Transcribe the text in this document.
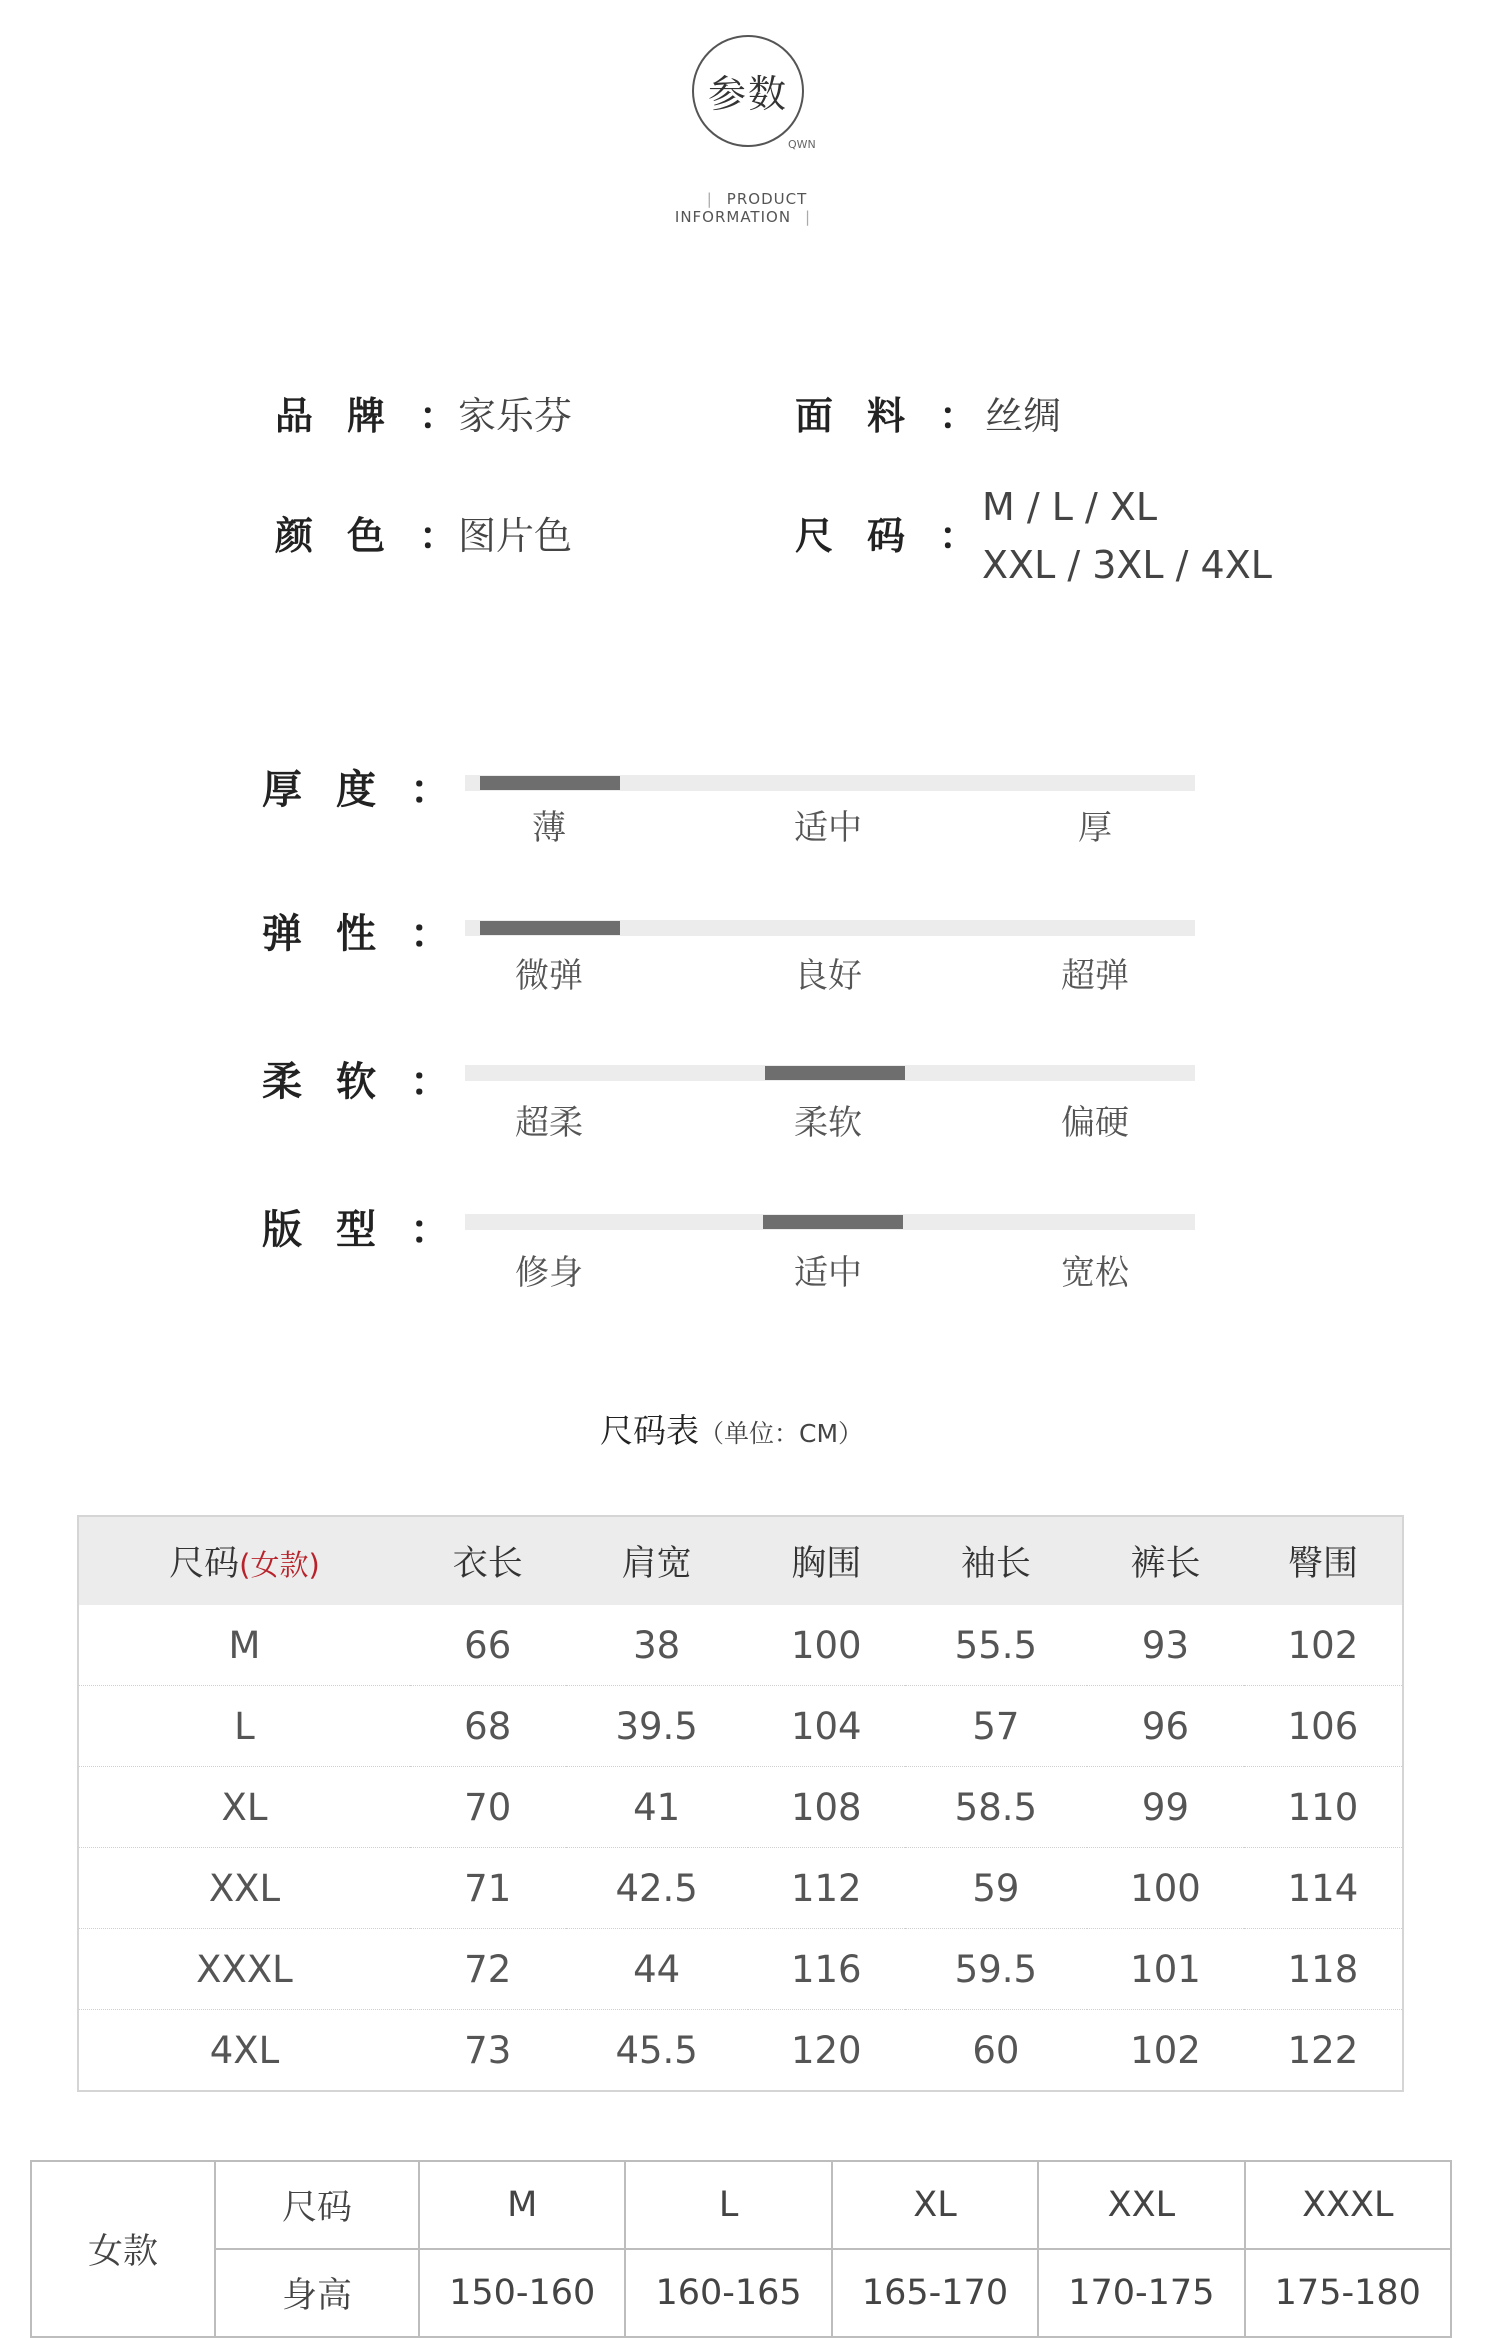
参数
QWN
| PRODUCT INFORMATION |
品牌： 家乐芬	面料： 丝绸
颜色： 图片色	尺码：
M / L / XL
XXL / 3XL / 4XL
厚度：
薄	适中	厚
弹性：
微弹	良好	超弹
柔软：
超柔	柔软	偏硬
版型：
修身	适中	宽松
尺码表（单位：CM）
尺码(女款)	衣长	肩宽	胸围	袖长	裤长	臀围
M	66	38	100	55.5	93	102
L	68	39.5	104	57	96	106
XL	70	41	108	58.5	99	110
XXL	71	42.5	112	59	100	114
XXXL	72	44	116	59.5	101	118
4XL	73	45.5	120	60	102	122
女款	尺码	M	L	XL	XXL	XXXL
	身高	150-160	160-165	165-170	170-175	175-180
